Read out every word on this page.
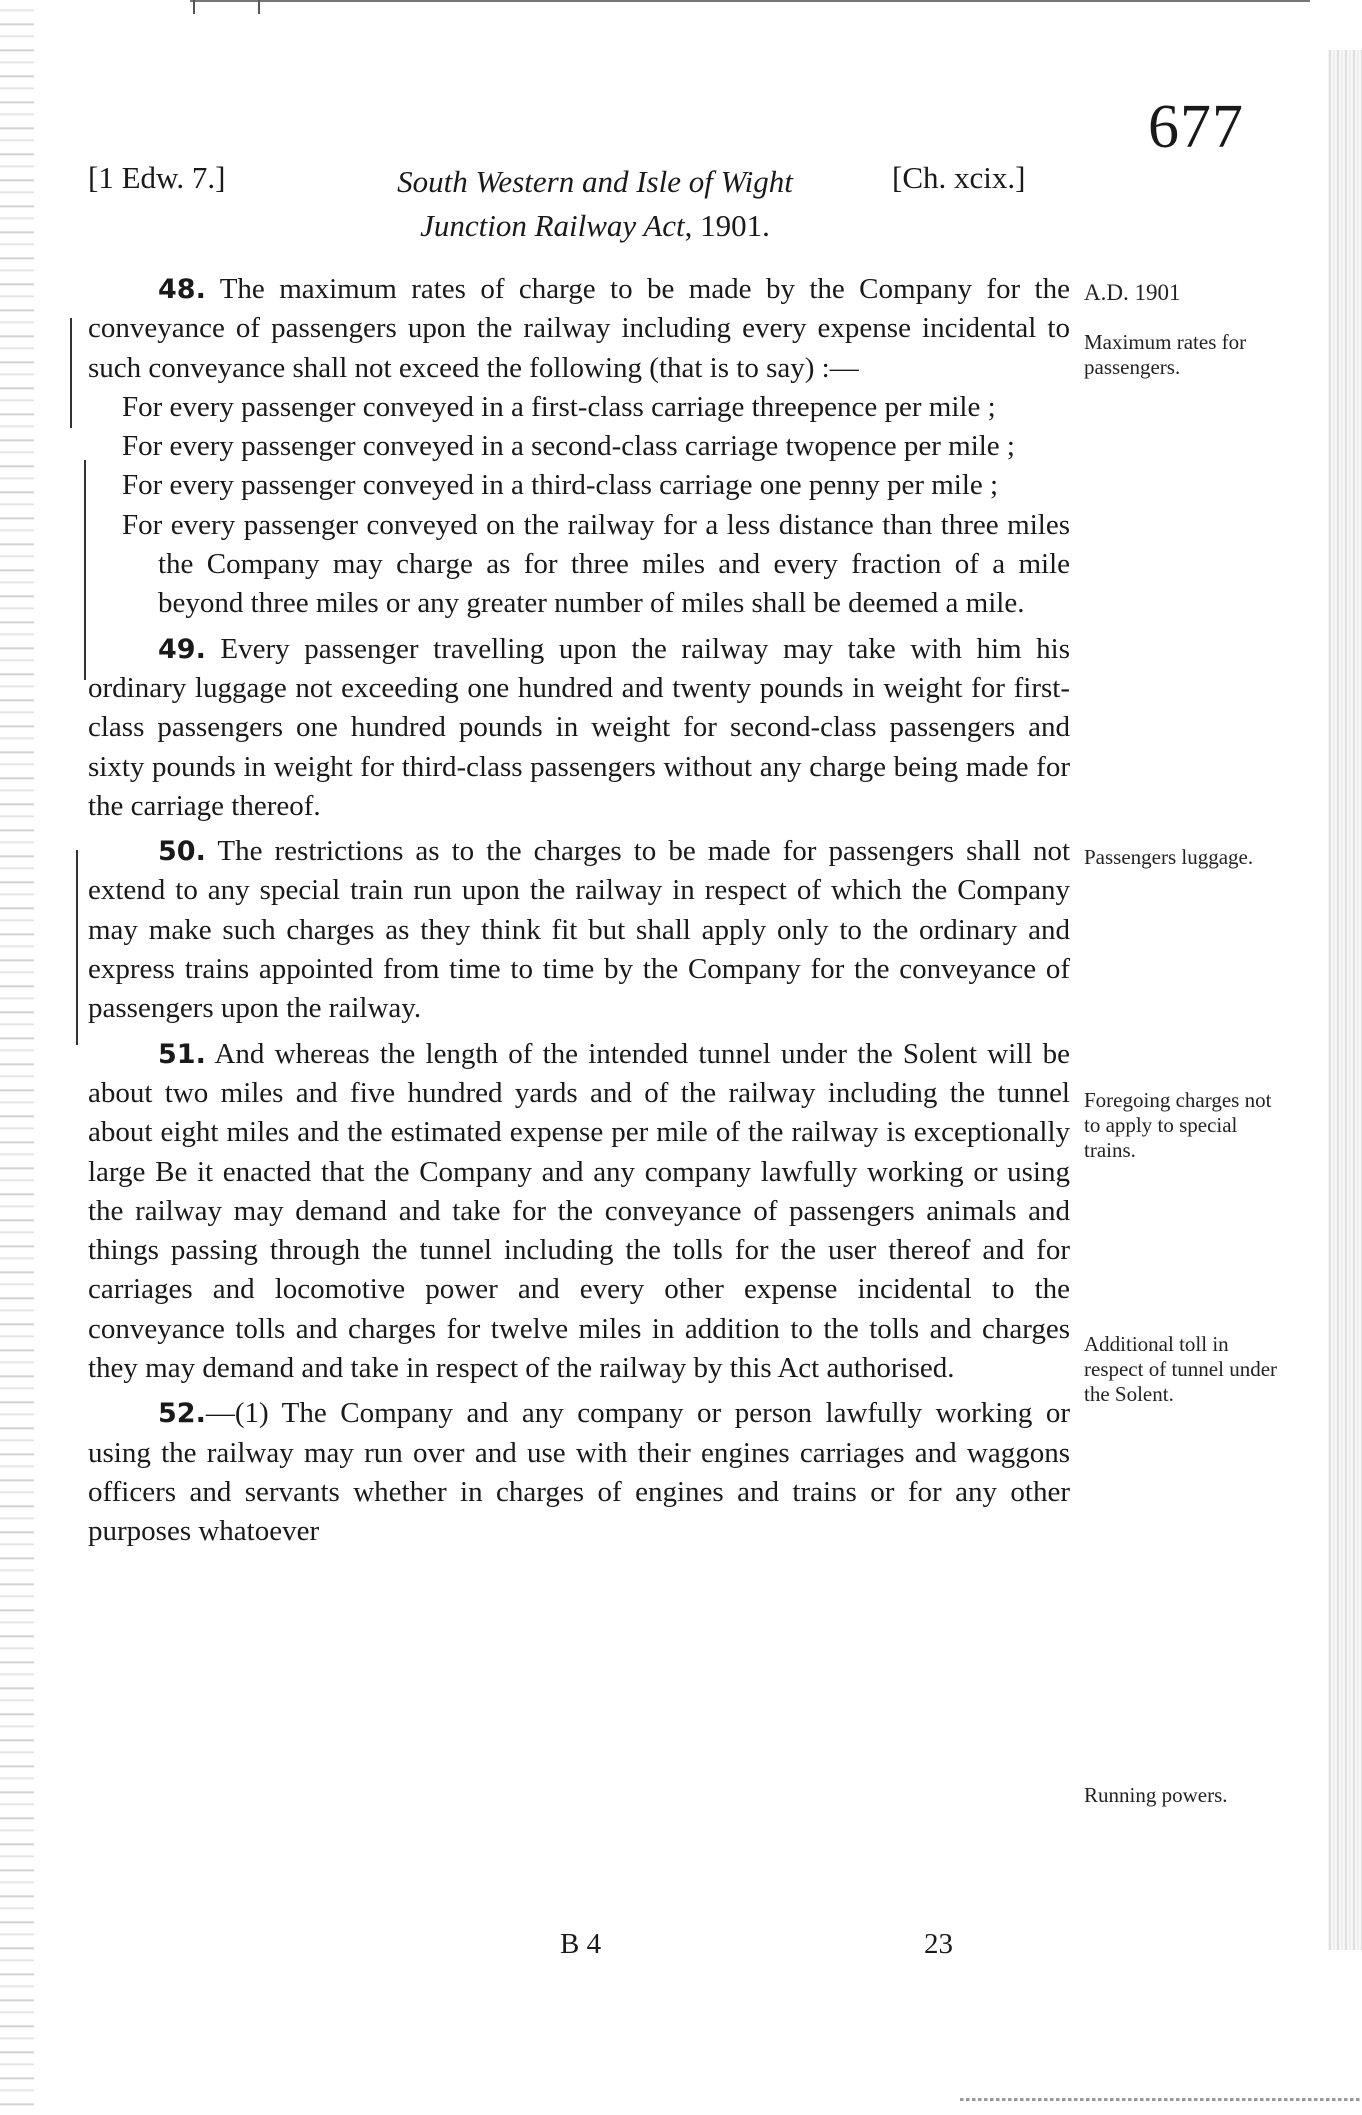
677
[1 Edw. 7.]	South Western and Isle of Wight
Junction Railway Act, 1901.
[Ch. xcix.]

48. The maximum rates of charge to be made by the Company for the conveyance of passengers upon the railway including every expense incidental to such conveyance shall not exceed the following (that is to say) :—

For every passenger conveyed in a first-class carriage threepence per mile ;

For every passenger conveyed in a second-class carriage twopence per mile ;

For every passenger conveyed in a third-class carriage one penny per mile ;

For every passenger conveyed on the railway for a less distance than three miles the Company may charge as for three miles and every fraction of a mile beyond three miles or any greater number of miles shall be deemed a mile.

49. Every passenger travelling upon the railway may take with him his ordinary luggage not exceeding one hundred and twenty pounds in weight for first-class passengers one hundred pounds in weight for second-class passengers and sixty pounds in weight for third-class passengers without any charge being made for the carriage thereof.

50. The restrictions as to the charges to be made for passengers shall not extend to any special train run upon the railway in respect of which the Company may make such charges as they think fit but shall apply only to the ordinary and express trains appointed from time to time by the Company for the conveyance of passengers upon the railway.

51. And whereas the length of the intended tunnel under the Solent will be about two miles and five hundred yards and of the railway including the tunnel about eight miles and the estimated expense per mile of the railway is exceptionally large Be it enacted that the Company and any company lawfully working or using the railway may demand and take for the conveyance of passengers animals and things passing through the tunnel including the tolls for the user thereof and for carriages and locomotive power and every other expense incidental to the conveyance tolls and charges for twelve miles in addition to the tolls and charges they may demand and take in respect of the railway by this Act authorised.

52.—(1) The Company and any company or person lawfully working or using the railway may run over and use with their engines carriages and waggons officers and servants whether in charges of engines and trains or for any other purposes whatoever

A.D. 1901
Maximum rates for passengers.
Passengers luggage.
Foregoing charges not to apply to special trains.
Additional toll in respect of tunnel under the Solent.
Running powers.
B 4	23
